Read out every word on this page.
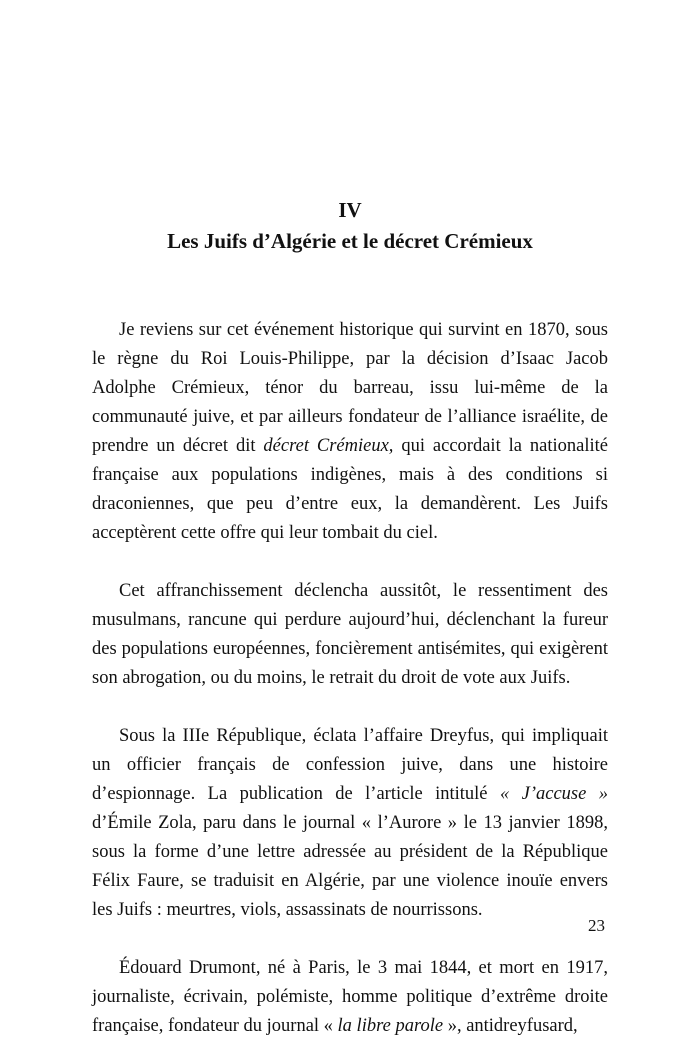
IV
Les Juifs d’Algérie et le décret Crémieux

Je reviens sur cet événement historique qui survint en 1870, sous le règne du Roi Louis-Philippe, par la décision d’Isaac Jacob Adolphe Crémieux, ténor du barreau, issu lui-même de la communauté juive, et par ailleurs fondateur de l’alliance israélite, de prendre un décret dit décret Crémieux, qui accordait la nationalité française aux populations indigènes, mais à des conditions si draconiennes, que peu d’entre eux, la demandèrent. Les Juifs acceptèrent cette offre qui leur tombait du ciel.

Cet affranchissement déclencha aussitôt, le ressentiment des musulmans, rancune qui perdure aujourd’hui, déclenchant la fureur des populations européennes, foncièrement antisémites, qui exigèrent son abrogation, ou du moins, le retrait du droit de vote aux Juifs.

Sous la IIIe République, éclata l’affaire Dreyfus, qui impliquait un officier français de confession juive, dans une histoire d’espionnage. La publication de l’article intitulé « J’accuse » d’Émile Zola, paru dans le journal « l’Aurore » le 13 janvier 1898, sous la forme d’une lettre adressée au président de la République Félix Faure, se traduisit en Algérie, par une violence inouïe envers les Juifs : meurtres, viols, assassinats de nourrissons.

Édouard Drumont, né à Paris, le 3 mai 1844, et mort en 1917, journaliste, écrivain, polémiste, homme politique d’extrême droite française, fondateur du journal « la libre parole », antidreyfusard,

23
